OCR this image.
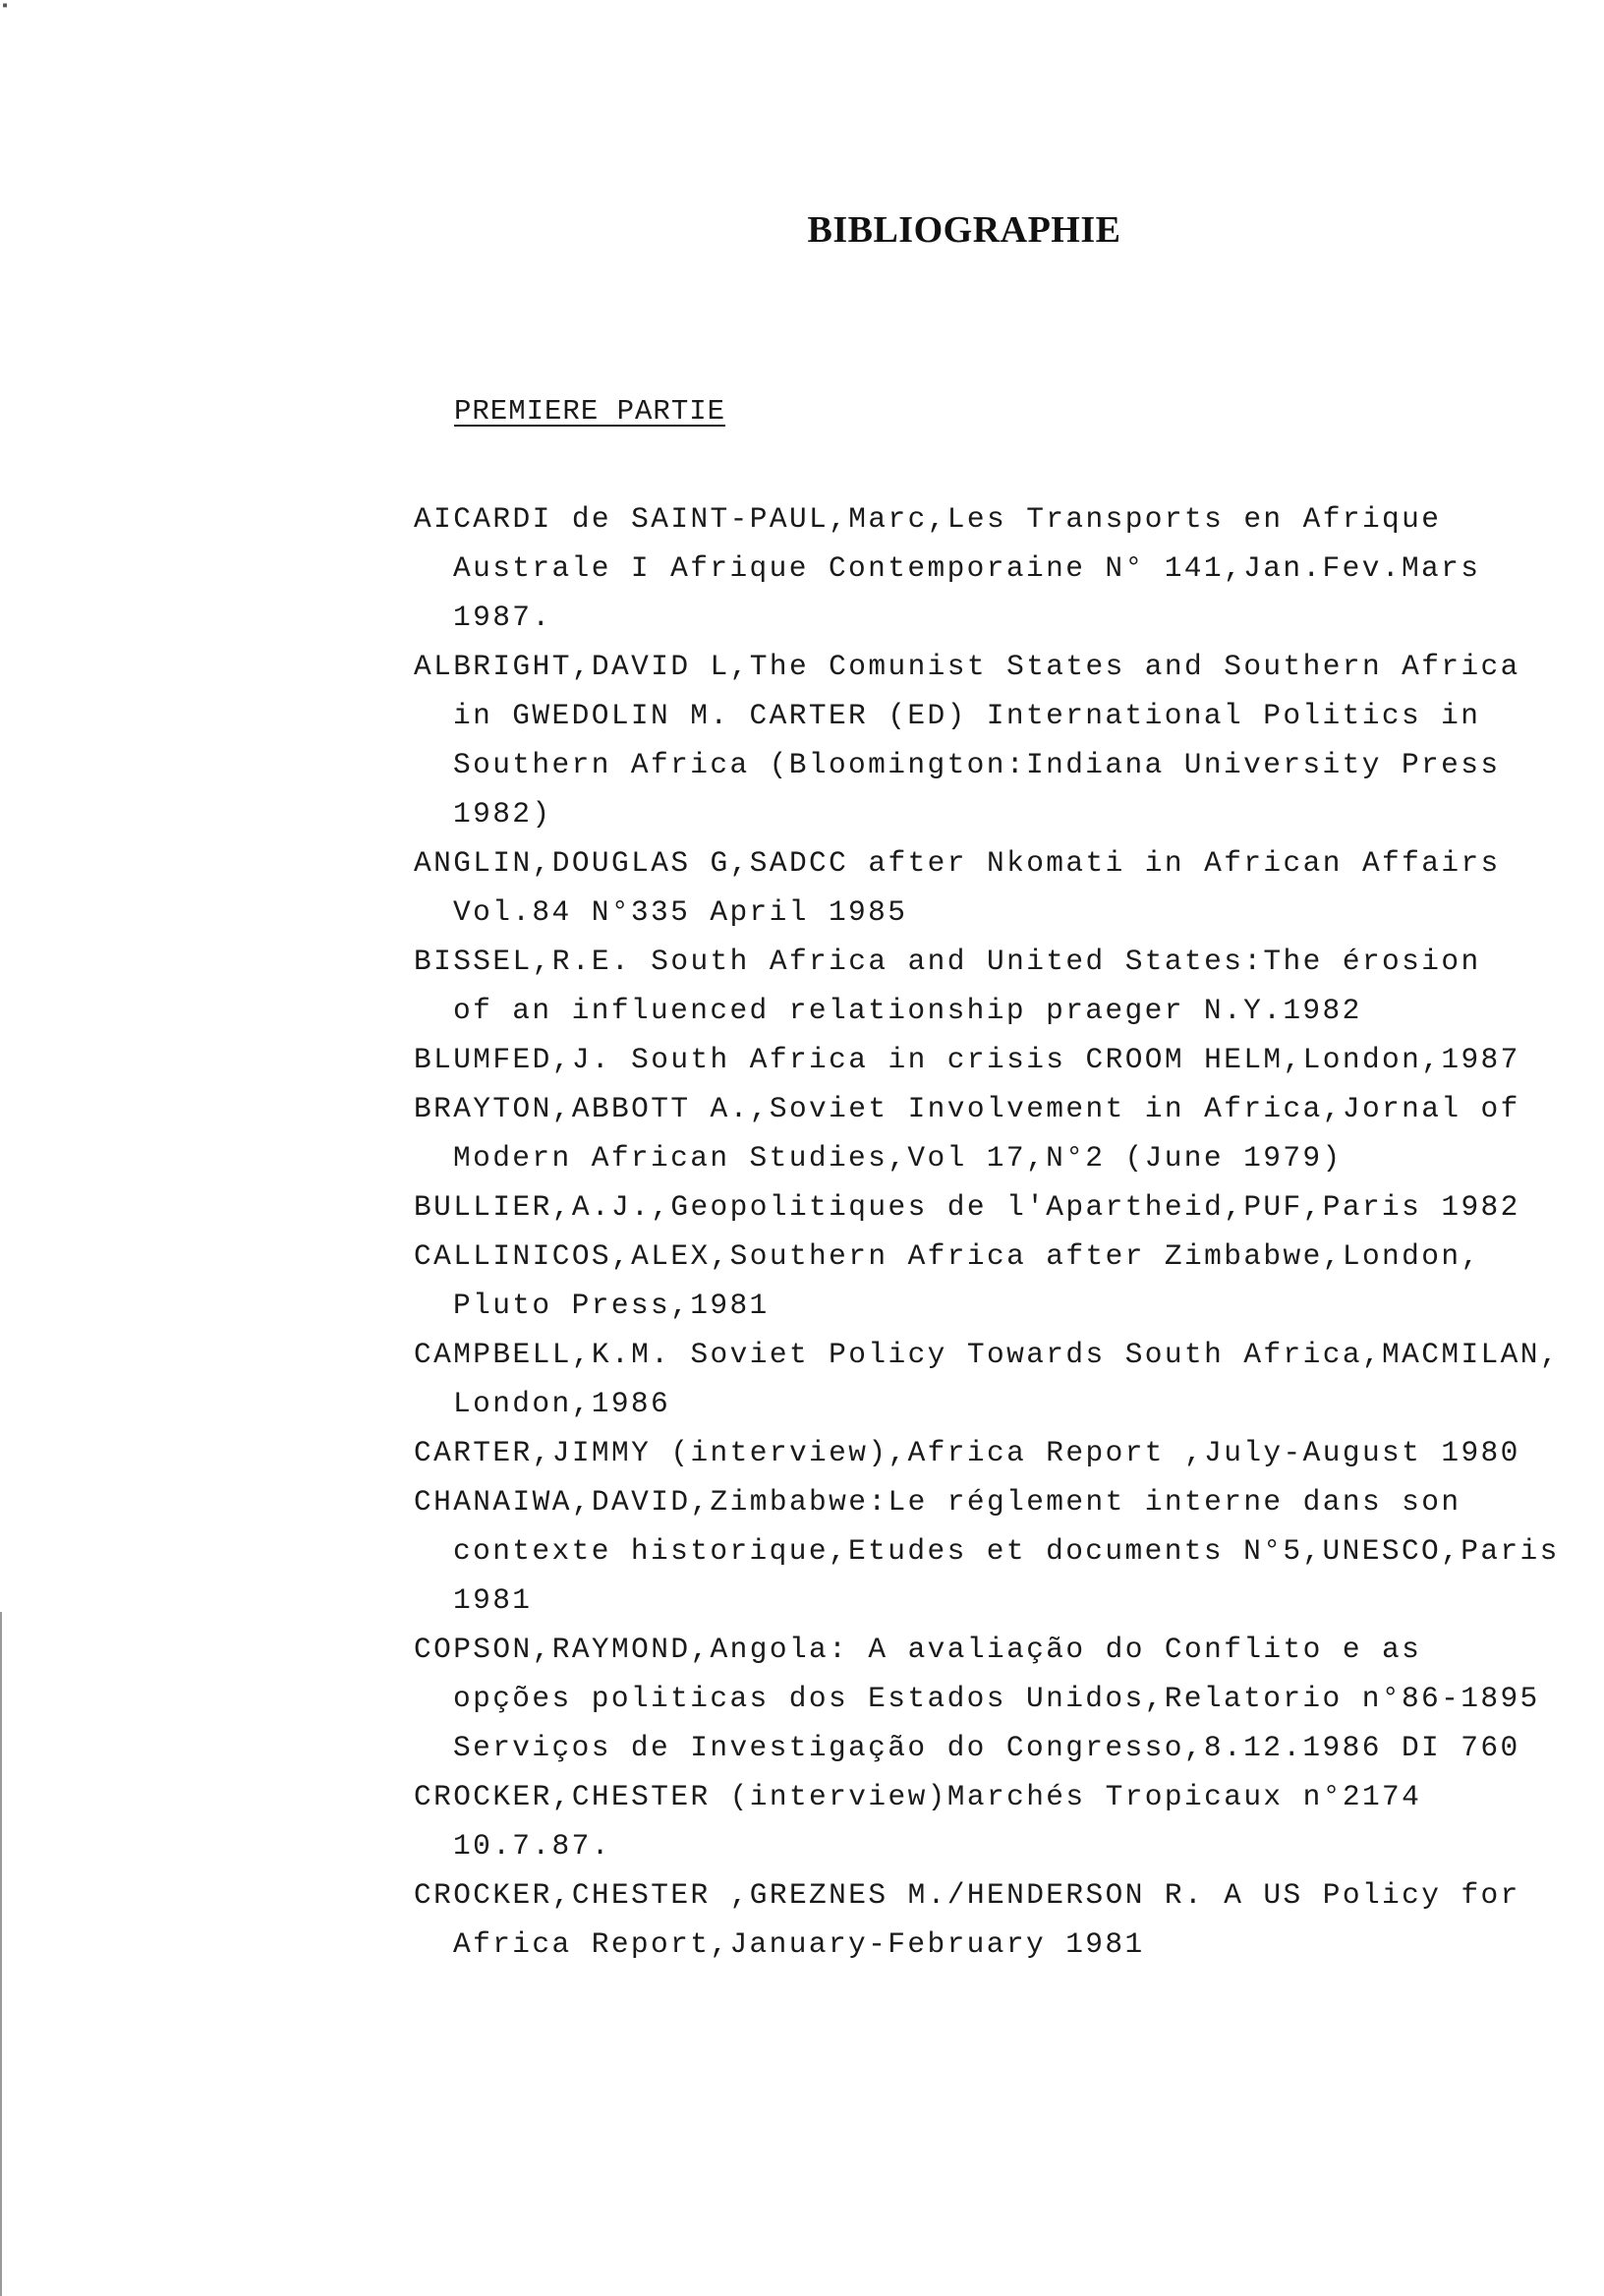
▪
BIBLIOGRAPHIE
PREMIERE PARTIE
AICARDI de SAINT-PAUL,Marc,Les Transports en Afrique
Australe I Afrique Contemporaine N° 141,Jan.Fev.Mars
1987.
ALBRIGHT,DAVID L,The Comunist States and Southern Africa
in GWEDOLIN M. CARTER (ED) International Politics in
Southern Africa (Bloomington:Indiana University Press
1982)
ANGLIN,DOUGLAS G,SADCC after Nkomati in African Affairs
Vol.84 N°335 April 1985
BISSEL,R.E. South Africa and United States:The érosion
of an influenced relationship praeger N.Y.1982
BLUMFED,J. South Africa in crisis CROOM HELM,London,1987
BRAYTON,ABBOTT A.,Soviet Involvement in Africa,Jornal of
Modern African Studies,Vol 17,N°2 (June 1979)
BULLIER,A.J.,Geopolitiques de l'Apartheid,PUF,Paris 1982
CALLINICOS,ALEX,Southern Africa after Zimbabwe,London,
Pluto Press,1981
CAMPBELL,K.M. Soviet Policy Towards South Africa,MACMILAN,
London,1986
CARTER,JIMMY (interview),Africa Report ,July-August 1980
CHANAIWA,DAVID,Zimbabwe:Le réglement interne dans son
contexte historique,Etudes et documents N°5,UNESCO,Paris
1981
COPSON,RAYMOND,Angola: A avaliação do Conflito e as
opções politicas dos Estados Unidos,Relatorio n°86-1895
Serviços de Investigação do Congresso,8.12.1986 DI 760
CROCKER,CHESTER (interview)Marchés Tropicaux n°2174
10.7.87.
CROCKER,CHESTER ,GREZNES M./HENDERSON R. A US Policy for
Africa Report,January-February 1981
